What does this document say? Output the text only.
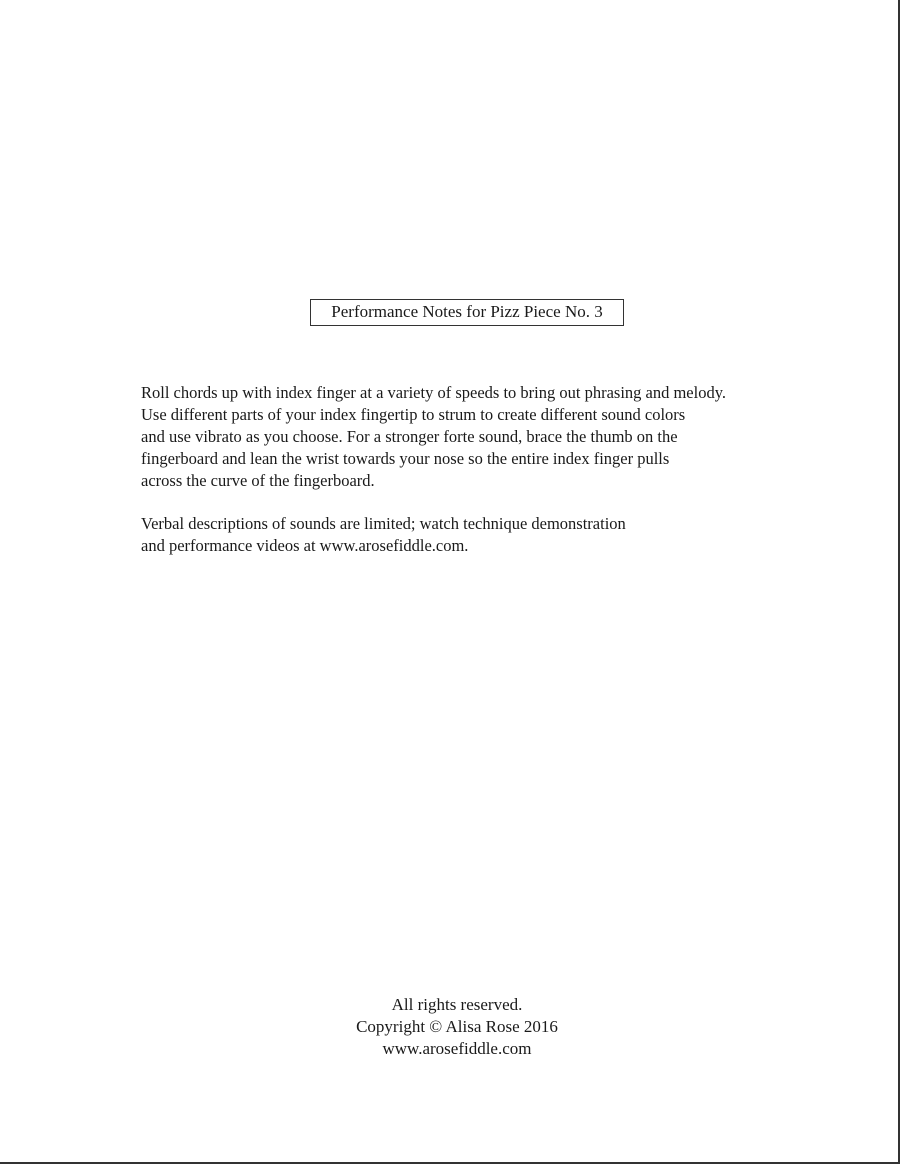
Performance Notes for Pizz Piece No. 3
Roll chords up with index finger at a variety of speeds to bring out phrasing and melody.
Use different parts of your index fingertip to strum to create different sound colors
and use vibrato as you choose. For a stronger forte sound, brace the thumb on the
fingerboard and lean the wrist towards your nose so the entire index finger pulls
across the curve of the fingerboard.
Verbal descriptions of sounds are limited; watch technique demonstration
and performance videos at www.arosefiddle.com.
All rights reserved.
Copyright © Alisa Rose 2016
www.arosefiddle.com
